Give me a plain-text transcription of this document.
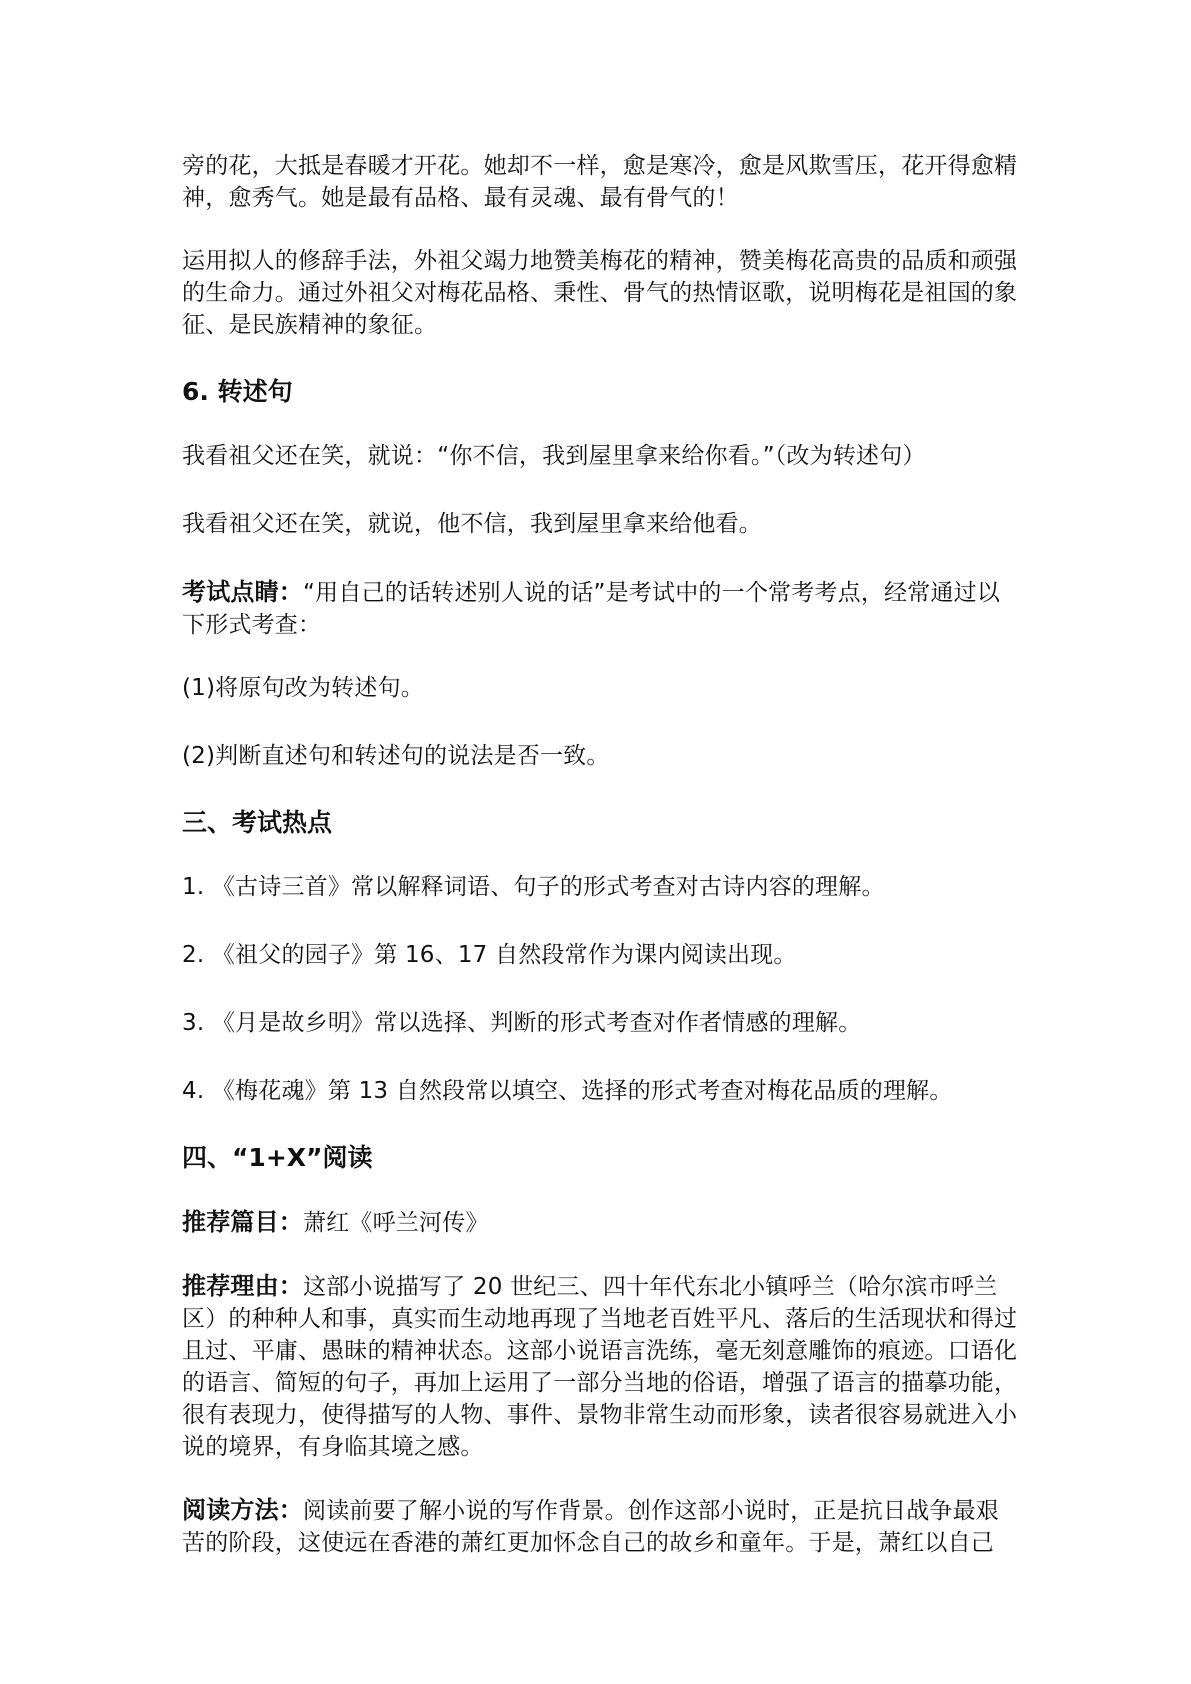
旁的花，大抵是春暖才开花。她却不一样，愈是寒冷，愈是风欺雪压，花开得愈精神，愈秀气。她是最有品格、最有灵魂、最有骨气的！

运用拟人的修辞手法，外祖父竭力地赞美梅花的精神，赞美梅花高贵的品质和顽强的生命力。通过外祖父对梅花品格、秉性、骨气的热情讴歌，说明梅花是祖国的象征、是民族精神的象征。

6. 转述句

我看祖父还在笑，就说：“你不信，我到屋里拿来给你看。”（改为转述句）

我看祖父还在笑，就说，他不信，我到屋里拿来给他看。

考试点睛：“用自己的话转述别人说的话”是考试中的一个常考考点，经常通过以下形式考查：

(1)将原句改为转述句。

(2)判断直述句和转述句的说法是否一致。

三、考试热点

1. 《古诗三首》常以解释词语、句子的形式考查对古诗内容的理解。

2. 《祖父的园子》第 16、17 自然段常作为课内阅读出现。

3. 《月是故乡明》常以选择、判断的形式考查对作者情感的理解。

4. 《梅花魂》第 13 自然段常以填空、选择的形式考查对梅花品质的理解。

四、“1+X”阅读

推荐篇目：萧红《呼兰河传》

推荐理由：这部小说描写了 20 世纪三、四十年代东北小镇呼兰（哈尔滨市呼兰区）的种种人和事，真实而生动地再现了当地老百姓平凡、落后的生活现状和得过且过、平庸、愚昧的精神状态。这部小说语言洗练，毫无刻意雕饰的痕迹。口语化的语言、简短的句子，再加上运用了一部分当地的俗语，增强了语言的描摹功能，很有表现力，使得描写的人物、事件、景物非常生动而形象，读者很容易就进入小说的境界，有身临其境之感。

阅读方法：阅读前要了解小说的写作背景。创作这部小说时，正是抗日战争最艰苦的阶段，这使远在香港的萧红更加怀念自己的故乡和童年。于是，萧红以自己
